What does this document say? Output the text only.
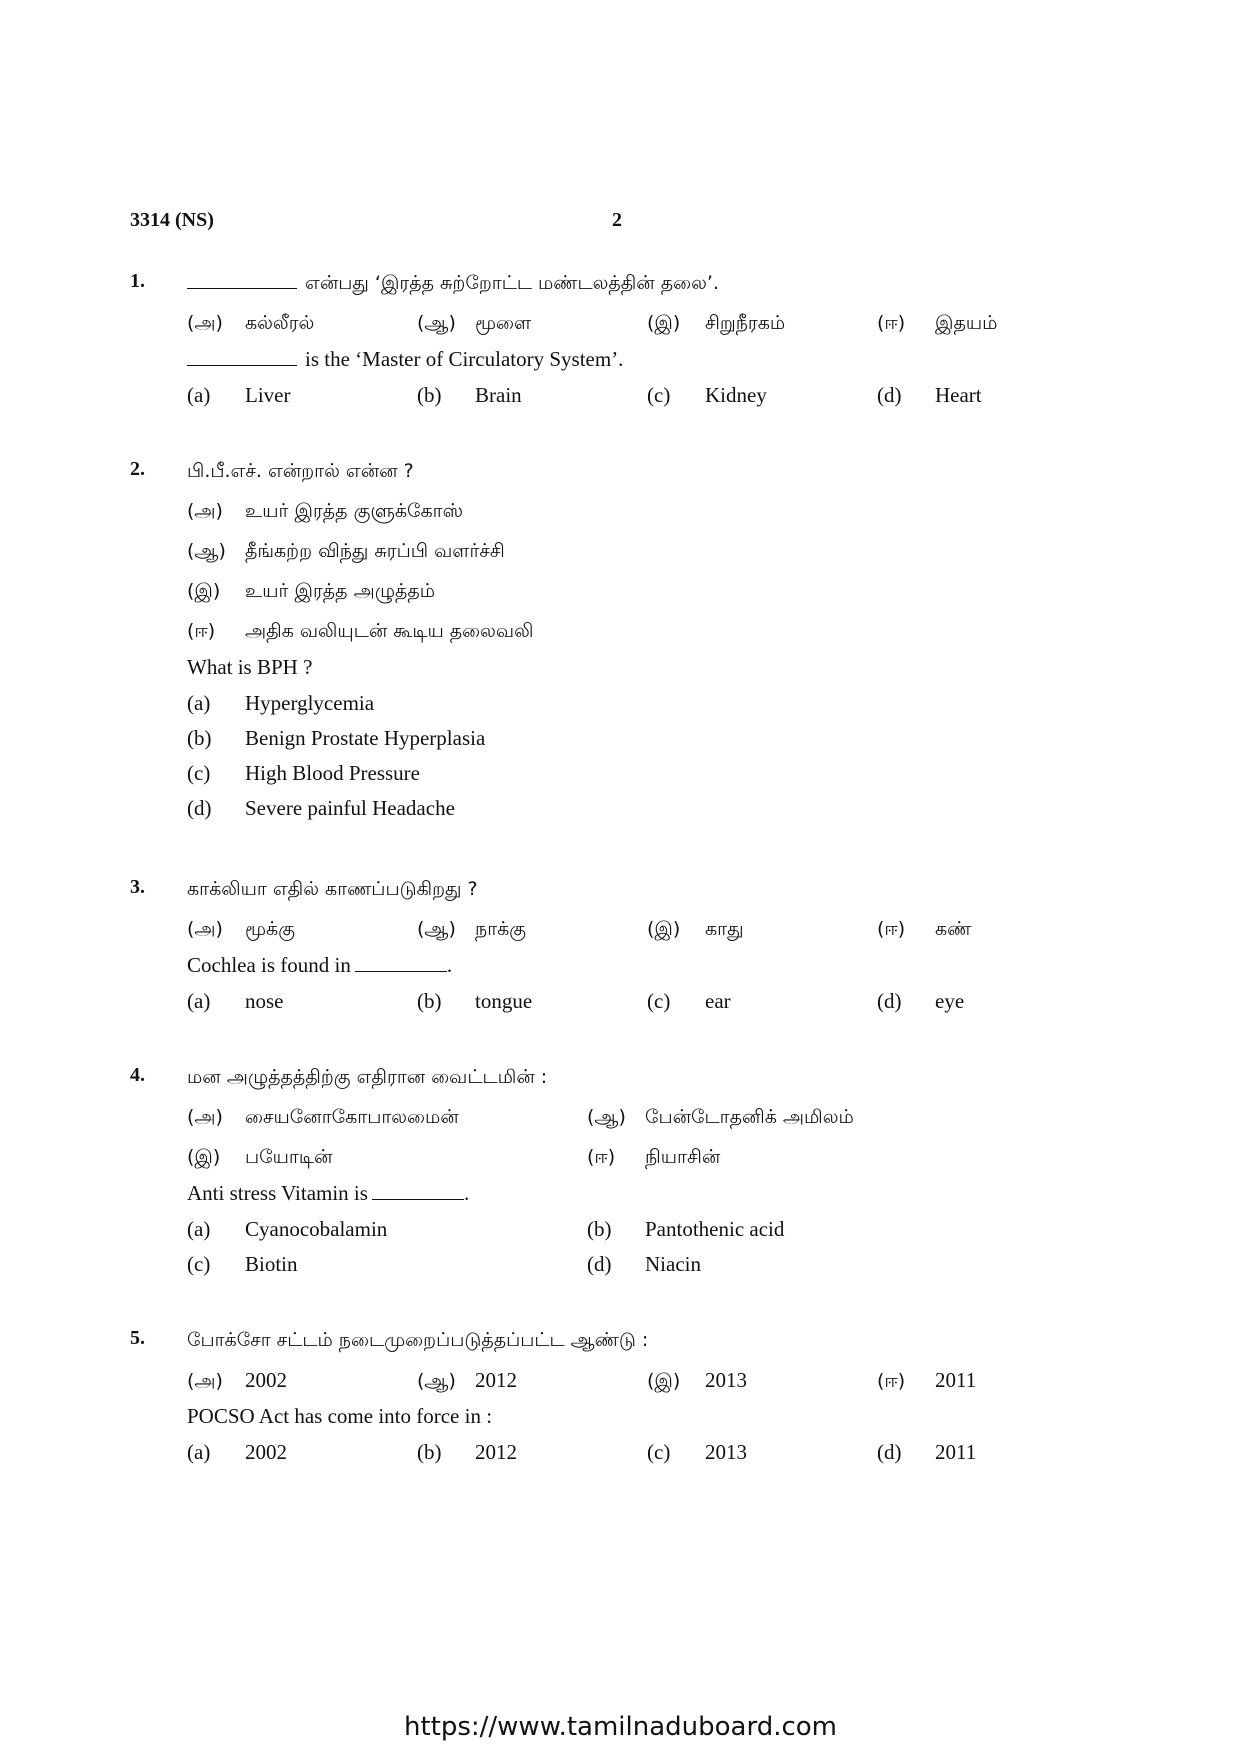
3314 (NS)	2
1.	என்பது ‘இரத்த சுற்றோட்ட மண்டலத்தின் தலை’.
(அ) கல்லீரல்	(ஆ) மூளை	(இ) சிறுநீரகம்	(ஈ) இதயம்
is the ‘Master of Circulatory System’.
(a) Liver	(b) Brain	(c) Kidney	(d) Heart
2. பி.பீ.எச். என்றால் என்ன ?
(அ) உயர் இரத்த குளுக்கோஸ்
(ஆ) தீங்கற்ற விந்து சுரப்பி வளர்ச்சி
(இ) உயர் இரத்த அழுத்தம்
(ஈ) அதிக வலியுடன் கூடிய தலைவலி
What is BPH ?
(a) Hyperglycemia
(b) Benign Prostate Hyperplasia
(c) High Blood Pressure
(d) Severe painful Headache
3. காக்லியா எதில் காணப்படுகிறது ?
(அ) மூக்கு	(ஆ) நாக்கு	(இ) காது	(ஈ) கண்
Cochlea is found in	.
(a) nose	(b) tongue	(c) ear	(d) eye
4. மன அழுத்தத்திற்கு எதிரான வைட்டமின் :
(அ) சையனோகோபாலமைன்	(ஆ) பேன்டோதனிக் அமிலம்
(இ) பயோடின்	(ஈ) நியாசின்
Anti stress Vitamin is	.
(a) Cyanocobalamin	(b) Pantothenic acid
(c) Biotin	(d) Niacin
5. போக்சோ சட்டம் நடைமுறைப்படுத்தப்பட்ட ஆண்டு :
(அ) 2002	(ஆ) 2012	(இ) 2013	(ஈ) 2011
POCSO Act has come into force in :
(a) 2002	(b) 2012	(c) 2013	(d) 2011
https://www.tamilnaduboard.com
